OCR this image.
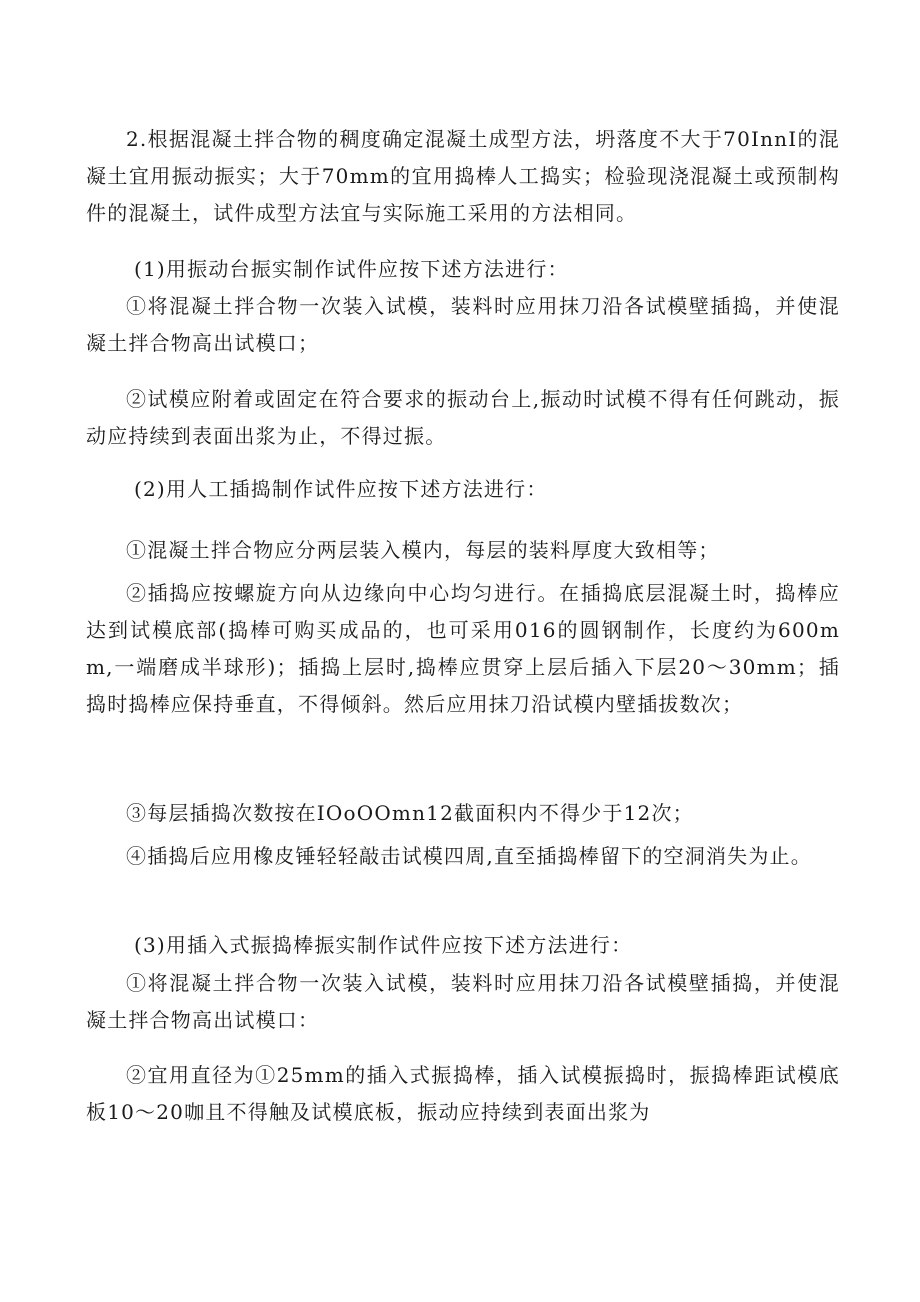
2.根据混凝土拌合物的稠度确定混凝土成型方法，坍落度不大于70InnI的混凝土宜用振动振实；大于70mm的宜用捣棒人工捣实；检验现浇混凝土或预制构件的混凝土，试件成型方法宜与实际施工采用的方法相同。

(1)用振动台振实制作试件应按下述方法进行：

①将混凝土拌合物一次装入试模，装料时应用抹刀沿各试模壁插捣，并使混凝土拌合物高出试模口；

②试模应附着或固定在符合要求的振动台上,振动时试模不得有任何跳动，振动应持续到表面出浆为止，不得过振。

(2)用人工插捣制作试件应按下述方法进行：

①混凝土拌合物应分两层装入模内，每层的装料厚度大致相等；

②插捣应按螺旋方向从边缘向中心均匀进行。在插捣底层混凝土时，捣棒应达到试模底部(捣棒可购买成品的，也可采用016的圆钢制作，长度约为600mm,一端磨成半球形)；插捣上层时,捣棒应贯穿上层后插入下层20～30mm；插捣时捣棒应保持垂直，不得倾斜。然后应用抹刀沿试模内壁插拔数次；

③每层插捣次数按在IOoOOmn12截面积内不得少于12次；

④插捣后应用橡皮锤轻轻敲击试模四周,直至插捣棒留下的空洞消失为止。

(3)用插入式振捣棒振实制作试件应按下述方法进行：

①将混凝土拌合物一次装入试模，装料时应用抹刀沿各试模壁插捣，并使混凝土拌合物高出试模口：

②宜用直径为①25mm的插入式振捣棒，插入试模振捣时，振捣棒距试模底板10～20咖且不得触及试模底板，振动应持续到表面出浆为
